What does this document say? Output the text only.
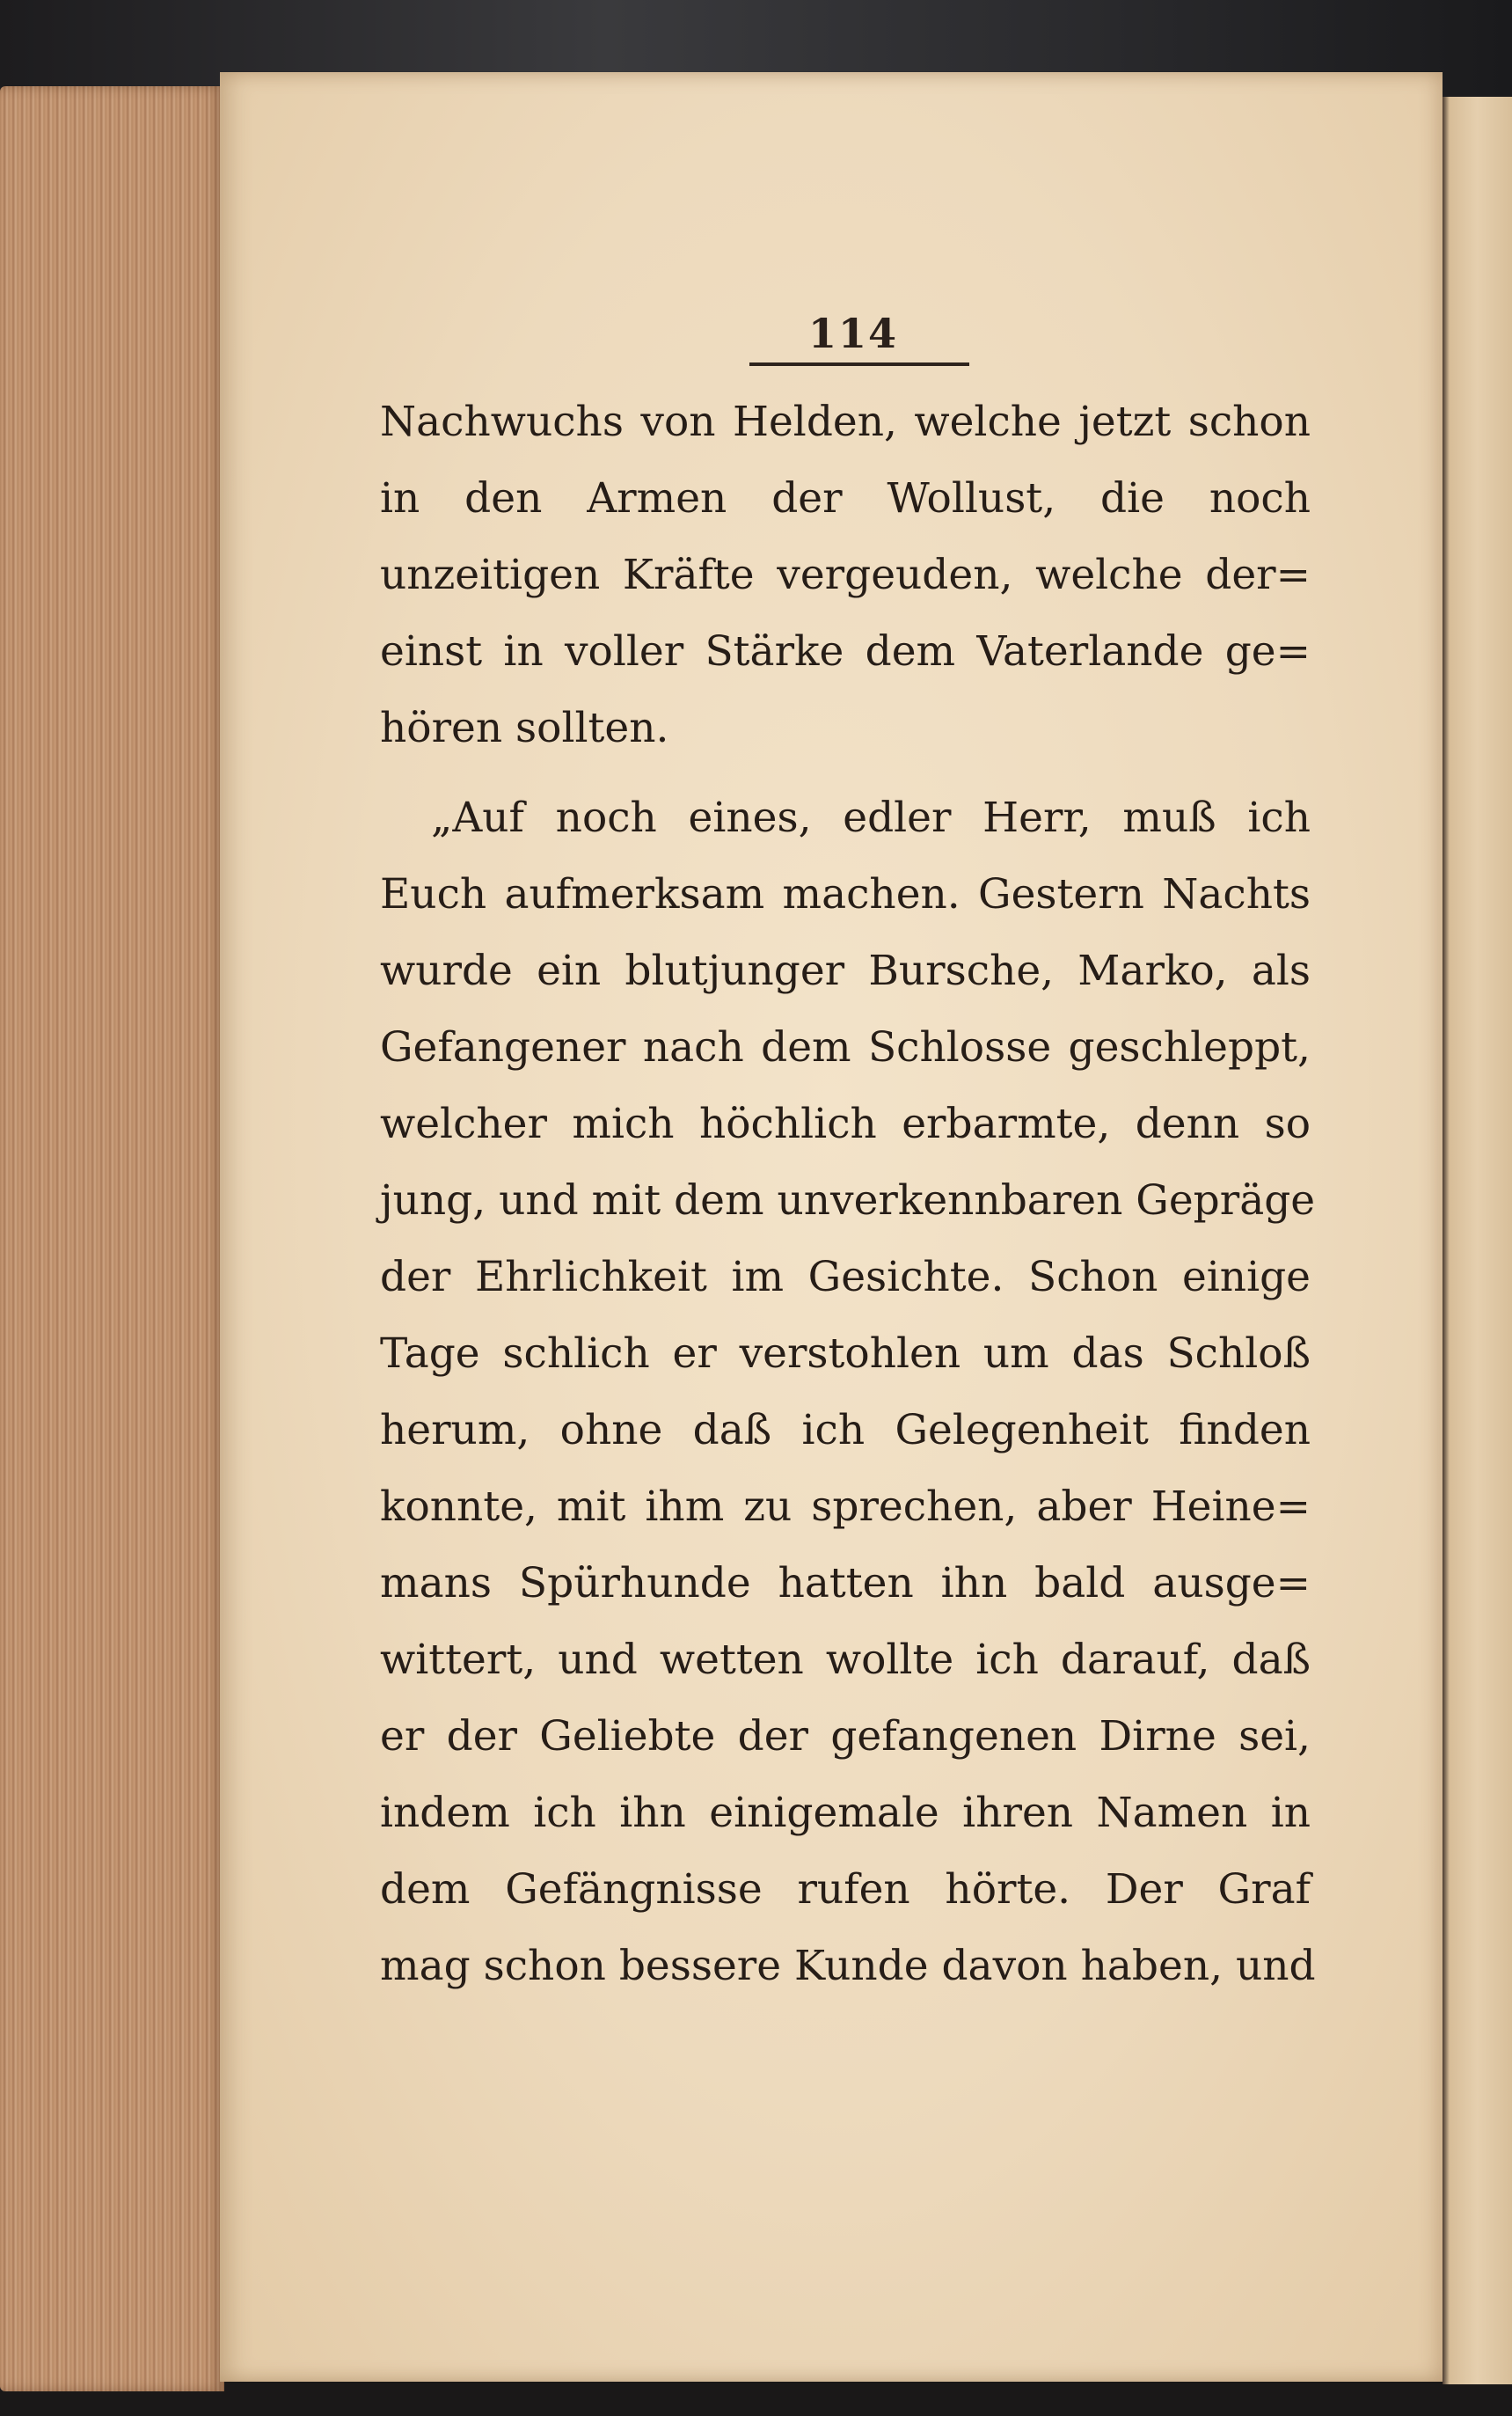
114
Nachwuchs von Helden, welche jetzt schon
in den Armen der Wollust, die noch
unzeitigen Kräfte vergeuden, welche der=
einst in voller Stärke dem Vaterlande ge=
hören sollten.
„Auf noch eines, edler Herr, muß ich
Euch aufmerksam machen. Gestern Nachts
wurde ein blutjunger Bursche, Marko, als
Gefangener nach dem Schlosse geschleppt,
welcher mich höchlich erbarmte, denn so
jung, und mit dem unverkennbaren Gepräge
der Ehrlichkeit im Gesichte. Schon einige
Tage schlich er verstohlen um das Schloß
herum, ohne daß ich Gelegenheit finden
konnte, mit ihm zu sprechen, aber Heine=
mans Spürhunde hatten ihn bald ausge=
wittert, und wetten wollte ich darauf, daß
er der Geliebte der gefangenen Dirne sei,
indem ich ihn einigemale ihren Namen in
dem Gefängnisse rufen hörte. Der Graf
mag schon bessere Kunde davon haben, und
